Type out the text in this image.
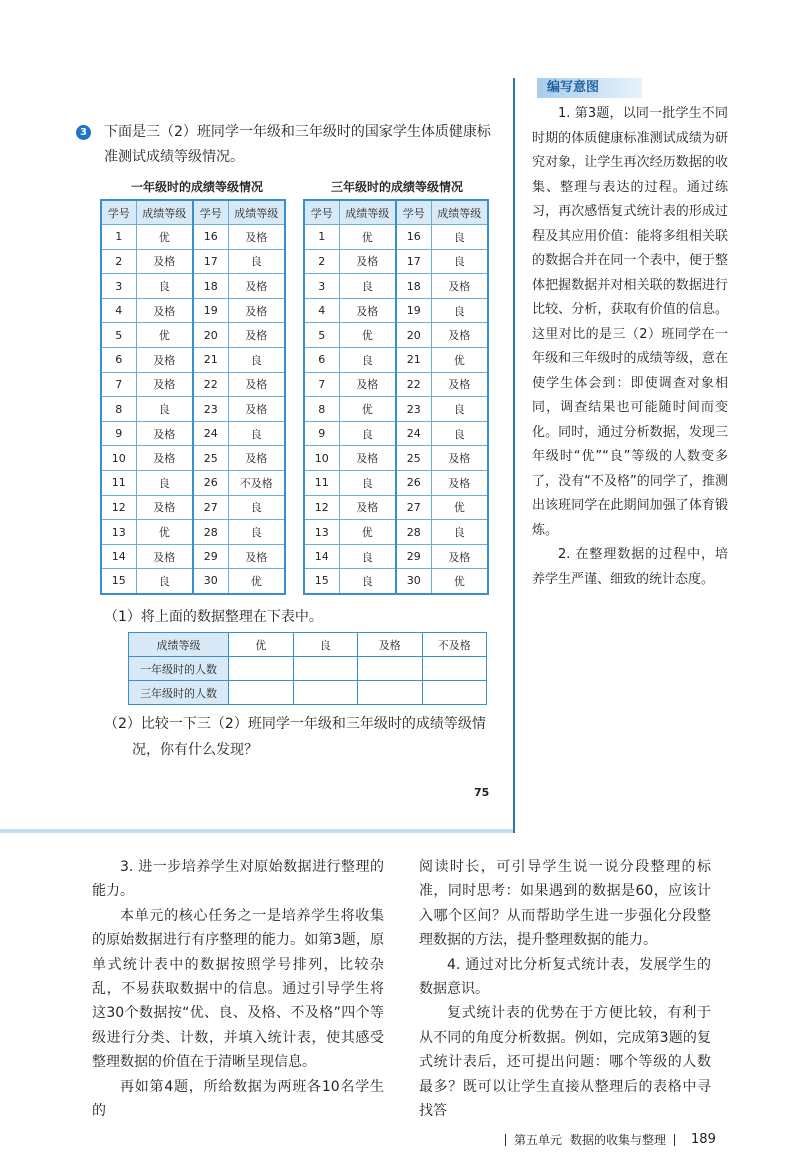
3 下面是三（2）班同学一年级和三年级时的国家学生体质健康标
准测试成绩等级情况。
一年级时的成绩等级情况	三年级时的成绩等级情况
学号	成绩等级	学号	成绩等级
1	优	16	及格
2	及格	17	良
3	良	18	及格
4	及格	19	及格
5	优	20	及格
6	及格	21	良
7	及格	22	及格
8	良	23	及格
9	及格	24	良
10	及格	25	及格
11	良	26	不及格
12	及格	27	良
13	优	28	良
14	及格	29	及格
15	良	30	优
学号	成绩等级	学号	成绩等级
1	优	16	良
2	及格	17	良
3	良	18	及格
4	及格	19	良
5	优	20	及格
6	良	21	优
7	及格	22	及格
8	优	23	良
9	良	24	良
10	及格	25	及格
11	良	26	及格
12	及格	27	优
13	优	28	良
14	良	29	及格
15	良	30	优
（1）将上面的数据整理在下表中。
成绩等级	优	良	及格	不及格
一年级时的人数				
三年级时的人数				
（2）比较一下三（2）班同学一年级和三年级时的成绩等级情
况，你有什么发现？
75
编写意图

1. 第3题，以同一批学生不同时期的体质健康标准测试成绩为研究对象，让学生再次经历数据的收集、整理与表达的过程。通过练习，再次感悟复式统计表的形成过程及其应用价值：能将多组相关联的数据合并在同一个表中，便于整体把握数据并对相关联的数据进行比较、分析，获取有价值的信息。这里对比的是三（2）班同学在一年级和三年级时的成绩等级，意在使学生体会到：即使调查对象相同，调查结果也可能随时间而变化。同时，通过分析数据，发现三年级时“优”“良”等级的人数变多了，没有“不及格”的同学了，推测出该班同学在此期间加强了体育锻炼。

2. 在整理数据的过程中，培养学生严谨、细致的统计态度。

3. 进一步培养学生对原始数据进行整理的能力。

本单元的核心任务之一是培养学生将收集的原始数据进行有序整理的能力。如第3题，原单式统计表中的数据按照学号排列，比较杂乱，不易获取数据中的信息。通过引导学生将这30个数据按“优、良、及格、不及格”四个等级进行分类、计数，并填入统计表，使其感受整理数据的价值在于清晰呈现信息。

再如第4题，所给数据为两班各10名学生的

阅读时长，可引导学生说一说分段整理的标准，同时思考：如果遇到的数据是60，应该计入哪个区间？从而帮助学生进一步强化分段整理数据的方法，提升整理数据的能力。

4. 通过对比分析复式统计表，发展学生的数据意识。

复式统计表的优势在于方便比较，有利于从不同的角度分析数据。例如，完成第3题的复式统计表后，还可提出问题：哪个等级的人数最多？既可以让学生直接从整理后的表格中寻找答

第五单元 数据的收集与整理 189
